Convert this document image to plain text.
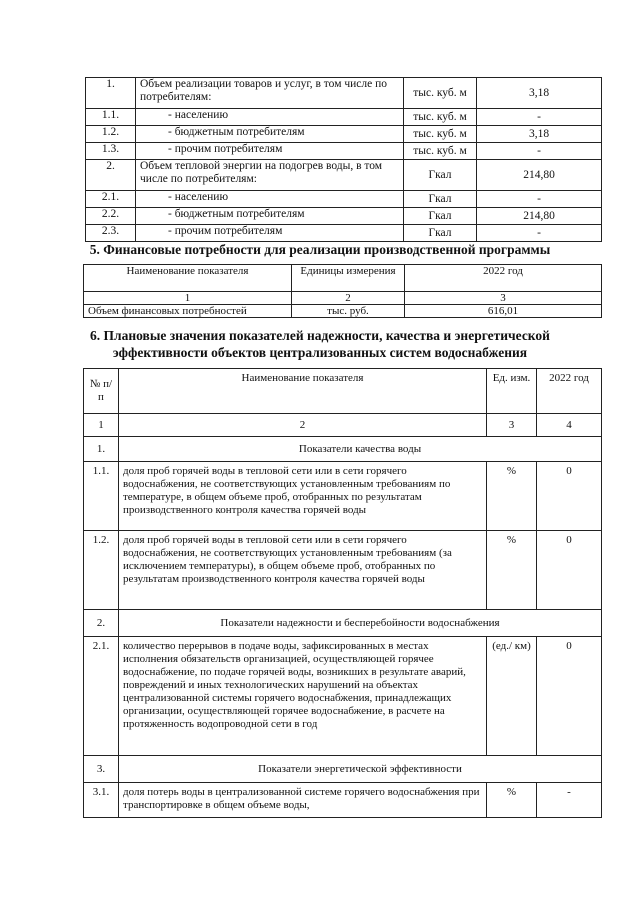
1.	Объем реализации товаров и услуг, в том числе по потребителям:	тыс. куб. м	3,18
1.1.	- населению	тыс. куб. м	-
1.2.	- бюджетным потребителям	тыс. куб. м	3,18
1.3.	- прочим потребителям	тыс. куб. м	-
2.	Объем тепловой энергии на подогрев воды, в том числе по потребителям:	Гкал	214,80
2.1.	- населению	Гкал	-
2.2.	- бюджетным потребителям	Гкал	214,80
2.3.	- прочим потребителям	Гкал	-
5. Финансовые потребности для реализации производственной программы
Наименование показателя	Единицы измерения	2022 год
1	2	3
Объем финансовых потребностей	тыс. руб.	616,01
6. Плановые значения показателей надежности, качества и энергетической
эффективности объектов централизованных систем водоснабжения
№ п/п	Наименование показателя	Ед. изм.	2022 год
1	2	3	4
1.	Показатели качества воды		
1.1.	доля проб горячей воды в тепловой сети или в сети горячего водоснабжения, не соответствующих установленным требованиям по температуре, в общем объеме проб, отобранных по результатам производственного контроля качества горячей воды	%	0
1.2.	доля проб горячей воды в тепловой сети или в сети горячего водоснабжения, не соответствующих установленным требованиям (за исключением температуры), в общем объеме проб, отобранных по результатам производственного контроля качества горячей воды	%	0
2.	Показатели надежности и бесперебойности водоснабжения		
2.1.	количество перерывов в подаче воды, зафиксированных в местах исполнения обязательств организацией, осуществляющей горячее водоснабжение, по подаче горячей воды, возникших в результате аварий, повреждений и иных технологических нарушений на объектах централизованной системы горячего водоснабжения, принадлежащих организации, осуществляющей горячее водоснабжение, в расчете на протяженность водопроводной сети в год	(ед./ км)	0
3.	Показатели энергетической эффективности		
3.1.	доля потерь воды в централизованной системе горячего водоснабжения при транспортировке в общем объеме воды,	%	-
